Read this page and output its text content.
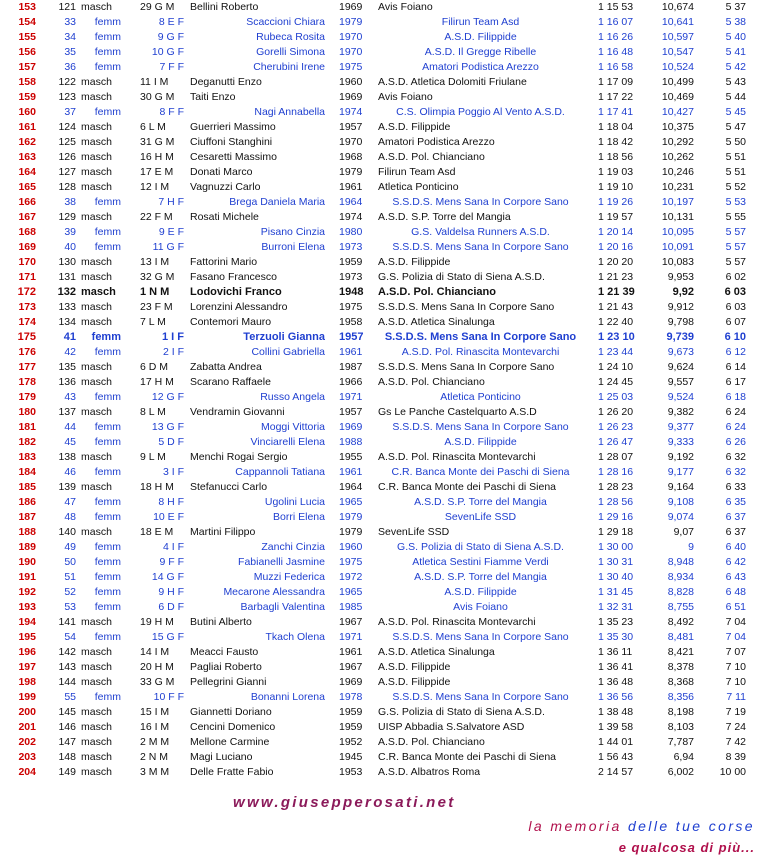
153	121 masch	29 G M	Bellini Roberto	1969	Avis Foiano	1 15 53	10,674	5 37
154	33	femm	8 E F	Scaccioni Chiara 1979	Filirun Team Asd	1 16 07	10,641	5 38
155	34	femm	9 G F	Rubeca Rosita 1970	A.S.D. Filippide	1 16 26	10,597	5 40
156	35	femm	10 G F	Gorelli Simona 1970	A.S.D. Il Gregge Ribelle	1 16 48	10,547	5 41
157	36	femm	7 F F	Cherubini Irene 1975	Amatori Podistica Arezzo	1 16 58	10,524	5 42
158	122 masch	11 I M	Deganutti Enzo	1960	A.S.D. Atletica Dolomiti Friulane	1 17 09	10,499	5 43
159	123 masch	30 G M	Taiti Enzo	1969	Avis Foiano	1 17 22	10,469	5 44
160	37	femm	8 F F	Nagi Annabella 1974	C.S. Olimpia Poggio Al Vento A.S.D.	1 17 41	10,427	5 45
161	124 masch	6 L M	Guerrieri Massimo	1957	A.S.D. Filippide	1 18 04	10,375	5 47
162	125 masch	31 G M	Ciuffoni Stanghini	1970	Amatori Podistica Arezzo	1 18 42	10,292	5 50
163	126 masch	16 H M	Cesaretti Massimo	1968	A.S.D. Pol. Chianciano	1 18 56	10,262	5 51
164	127 masch	17 E M	Donati Marco	1979	Filirun Team Asd	1 19 03	10,246	5 51
165	128 masch	12 I M	Vagnuzzi Carlo	1961	Atletica Ponticino	1 19 10	10,231	5 52
166	38	femm	7 H F	Brega Daniela Maria 1964	S.S.D.S. Mens Sana In Corpore Sano	1 19 26	10,197	5 53
167	129 masch	22 F M	Rosati Michele	1974	A.S.D. S.P. Torre del Mangia	1 19 57	10,131	5 55
168	39	femm	9 E F	Pisano Cinzia 1980	G.S. Valdelsa Runners A.S.D.	1 20 14	10,095	5 57
169	40	femm	11 G F	Burroni Elena 1973	S.S.D.S. Mens Sana In Corpore Sano	1 20 16	10,091	5 57
170	130 masch	13 I M	Fattorini Mario	1959	A.S.D. Filippide	1 20 20	10,083	5 57
171	131 masch	32 G M	Fasano Francesco	1973	G.S. Polizia di Stato di Siena A.S.D.	1 21 23	9,953	6 02
172	132 masch	1 N M	Lodovichi Franco	1948	A.S.D. Pol. Chianciano	1 21 39	9,92	6 03
173	133 masch	23 F M	Lorenzini Alessandro	1975	S.S.D.S. Mens Sana In Corpore Sano	1 21 43	9,912	6 03
174	134 masch	7 L M	Contemori Mauro	1958	A.S.D. Atletica Sinalunga	1 22 40	9,798	6 07
175	41	femm	1 I F	Terzuoli Gianna 1957	S.S.D.S. Mens Sana In Corpore Sano	1 23 10	9,739	6 10
176	42	femm	2 I F	Collini Gabriella 1961	A.S.D. Pol. Rinascita Montevarchi	1 23 44	9,673	6 12
177	135 masch	6 D M	Zabatta Andrea	1987	S.S.D.S. Mens Sana In Corpore Sano	1 24 10	9,624	6 14
178	136 masch	17 H M	Scarano Raffaele	1966	A.S.D. Pol. Chianciano	1 24 45	9,557	6 17
179	43	femm	12 G F	Russo Angela 1971	Atletica Ponticino	1 25 03	9,524	6 18
180	137 masch	8 L M	Vendramin Giovanni	1957	Gs Le Panche Castelquarto A.S.D	1 26 20	9,382	6 24
181	44	femm	13 G F	Moggi Vittoria 1969	S.S.D.S. Mens Sana In Corpore Sano	1 26 23	9,377	6 24
182	45	femm	5 D F	Vinciarelli Elena 1988	A.S.D. Filippide	1 26 47	9,333	6 26
183	138 masch	9 L M	Menchi Rogai Sergio	1955	A.S.D. Pol. Rinascita Montevarchi	1 28 07	9,192	6 32
184	46	femm	3 I F	Cappannoli Tatiana 1961	C.R. Banca Monte dei Paschi di Siena	1 28 16	9,177	6 32
185	139 masch	18 H M	Stefanucci Carlo	1964	C.R. Banca Monte dei Paschi di Siena	1 28 23	9,164	6 33
186	47	femm	8 H F	Ugolini Lucia 1965	A.S.D. S.P. Torre del Mangia	1 28 56	9,108	6 35
187	48	femm	10 E F	Borri Elena 1979	SevenLife SSD	1 29 16	9,074	6 37
188	140 masch	18 E M	Martini Filippo	1979	SevenLife SSD	1 29 18	9,07	6 37
189	49	femm	4 I F	Zanchi Cinzia 1960	G.S. Polizia di Stato di Siena A.S.D.	1 30 00	9	6 40
190	50	femm	9 F F	Fabianelli Jasmine 1975	Atletica Sestini Fiamme Verdi	1 30 31	8,948	6 42
191	51	femm	14 G F	Muzzi Federica 1972	A.S.D. S.P. Torre del Mangia	1 30 40	8,934	6 43
192	52	femm	9 H F	Mecarone Alessandra 1965	A.S.D. Filippide	1 31 45	8,828	6 48
193	53	femm	6 D F	Barbagli Valentina 1985	Avis Foiano	1 32 31	8,755	6 51
194	141 masch	19 H M	Butini Alberto	1967	A.S.D. Pol. Rinascita Montevarchi	1 35 23	8,492	7 04
195	54	femm	15 G F	Tkach Olena 1971	S.S.D.S. Mens Sana In Corpore Sano	1 35 30	8,481	7 04
196	142 masch	14 I M	Meacci Fausto	1961	A.S.D. Atletica Sinalunga	1 36 11	8,421	7 07
197	143 masch	20 H M	Pagliai Roberto	1967	A.S.D. Filippide	1 36 41	8,378	7 10
198	144 masch	33 G M	Pellegrini Gianni	1969	A.S.D. Filippide	1 36 48	8,368	7 10
199	55	femm	10 F F	Bonanni Lorena 1978	S.S.D.S. Mens Sana In Corpore Sano	1 36 56	8,356	7 11
200	145 masch	15 I M	Giannetti Doriano	1959	G.S. Polizia di Stato di Siena A.S.D.	1 38 48	8,198	7 19
201	146 masch	16 I M	Cencini Domenico	1959	UISP Abbadia S.Salvatore ASD	1 39 58	8,103	7 24
202	147 masch	2 M M	Mellone Carmine	1952	A.S.D. Pol. Chianciano	1 44 01	7,787	7 42
203	148 masch	2 N M	Magi Luciano	1945	C.R. Banca Monte dei Paschi di Siena	1 56 43	6,94	8 39
204	149 masch	3 M M	Delle Fratte Fabio	1953	A.S.D. Albatros Roma	2 14 57	6,002	10 00
www.giusepperosati.net
la memoria delle tue corse
e qualcosa di più...
